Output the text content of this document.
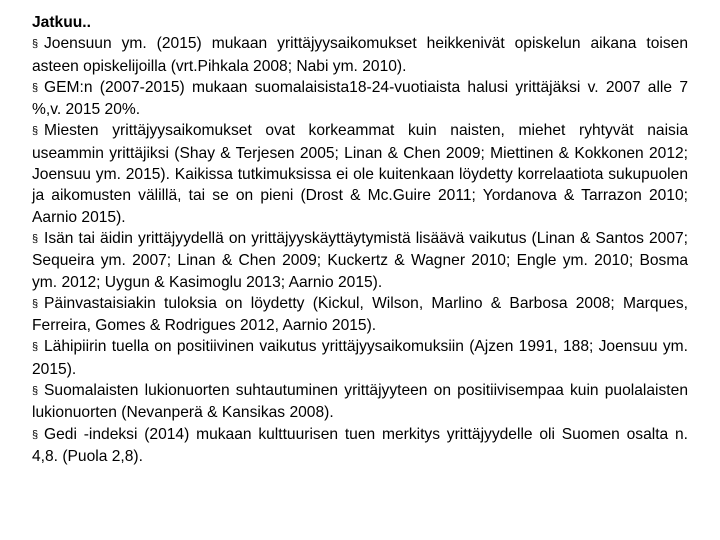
Jatkuu..

§ Joensuun ym. (2015) mukaan yrittäjyysaikomukset heikkenivät opiskelun aikana toisen asteen opiskelijoilla (vrt.Pihkala 2008; Nabi ym. 2010).

§ GEM:n (2007-2015) mukaan suomalaisista18-24-vuotiaista halusi yrittäjäksi v. 2007 alle 7 %,v. 2015 20%.

§ Miesten yrittäjyysaikomukset ovat korkeammat kuin naisten, miehet ryhtyvät naisia useammin yrittäjiksi (Shay & Terjesen 2005; Linan & Chen 2009; Miettinen & Kokkonen 2012; Joensuu ym. 2015). Kaikissa tutkimuksissa ei ole kuitenkaan löydetty korrelaatiota sukupuolen ja aikomusten välillä, tai se on pieni (Drost & Mc.Guire 2011; Yordanova & Tarrazon 2010; Aarnio 2015).

§ Isän tai äidin yrittäjyydellä on yrittäjyyskäyttäytymistä lisäävä vaikutus (Linan & Santos 2007; Sequeira ym. 2007; Linan & Chen 2009; Kuckertz & Wagner 2010; Engle ym. 2010; Bosma ym. 2012; Uygun & Kasimoglu 2013; Aarnio 2015).

§ Päinvastaisiakin tuloksia on löydetty (Kickul, Wilson, Marlino & Barbosa 2008; Marques, Ferreira, Gomes & Rodrigues 2012, Aarnio 2015).

§ Lähipiirin tuella on positiivinen vaikutus yrittäjyysaikomuksiin (Ajzen 1991, 188; Joensuu ym. 2015).

§ Suomalaisten lukionuorten suhtautuminen yrittäjyyteen on positiivisempaa kuin puolalaisten lukionuorten (Nevanperä & Kansikas 2008).

§ Gedi -indeksi (2014) mukaan kulttuurisen tuen merkitys yrittäjyydelle oli Suomen osalta n. 4,8. (Puola 2,8).
